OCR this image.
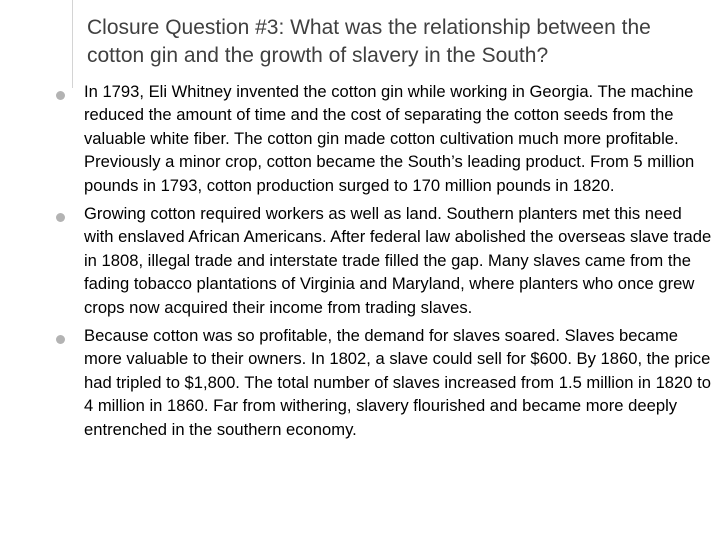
Closure Question #3: What was the relationship between the cotton gin and the growth of slavery in the South?
In 1793, Eli Whitney invented the cotton gin while working in Georgia. The machine reduced the amount of time and the cost of separating the cotton seeds from the valuable white fiber. The cotton gin made cotton cultivation much more profitable. Previously a minor crop, cotton became the South’s leading product. From 5 million pounds in 1793, cotton production surged to 170 million pounds in 1820.
Growing cotton required workers as well as land. Southern planters met this need with enslaved African Americans. After federal law abolished the overseas slave trade in 1808, illegal trade and interstate trade filled the gap. Many slaves came from the fading tobacco plantations of Virginia and Maryland, where planters who once grew crops now acquired their income from trading slaves.
Because cotton was so profitable, the demand for slaves soared. Slaves became more valuable to their owners. In 1802, a slave could sell for $600. By 1860, the price had tripled to $1,800. The total number of slaves increased from 1.5 million in 1820 to 4 million in 1860. Far from withering, slavery flourished and became more deeply entrenched in the southern economy.
